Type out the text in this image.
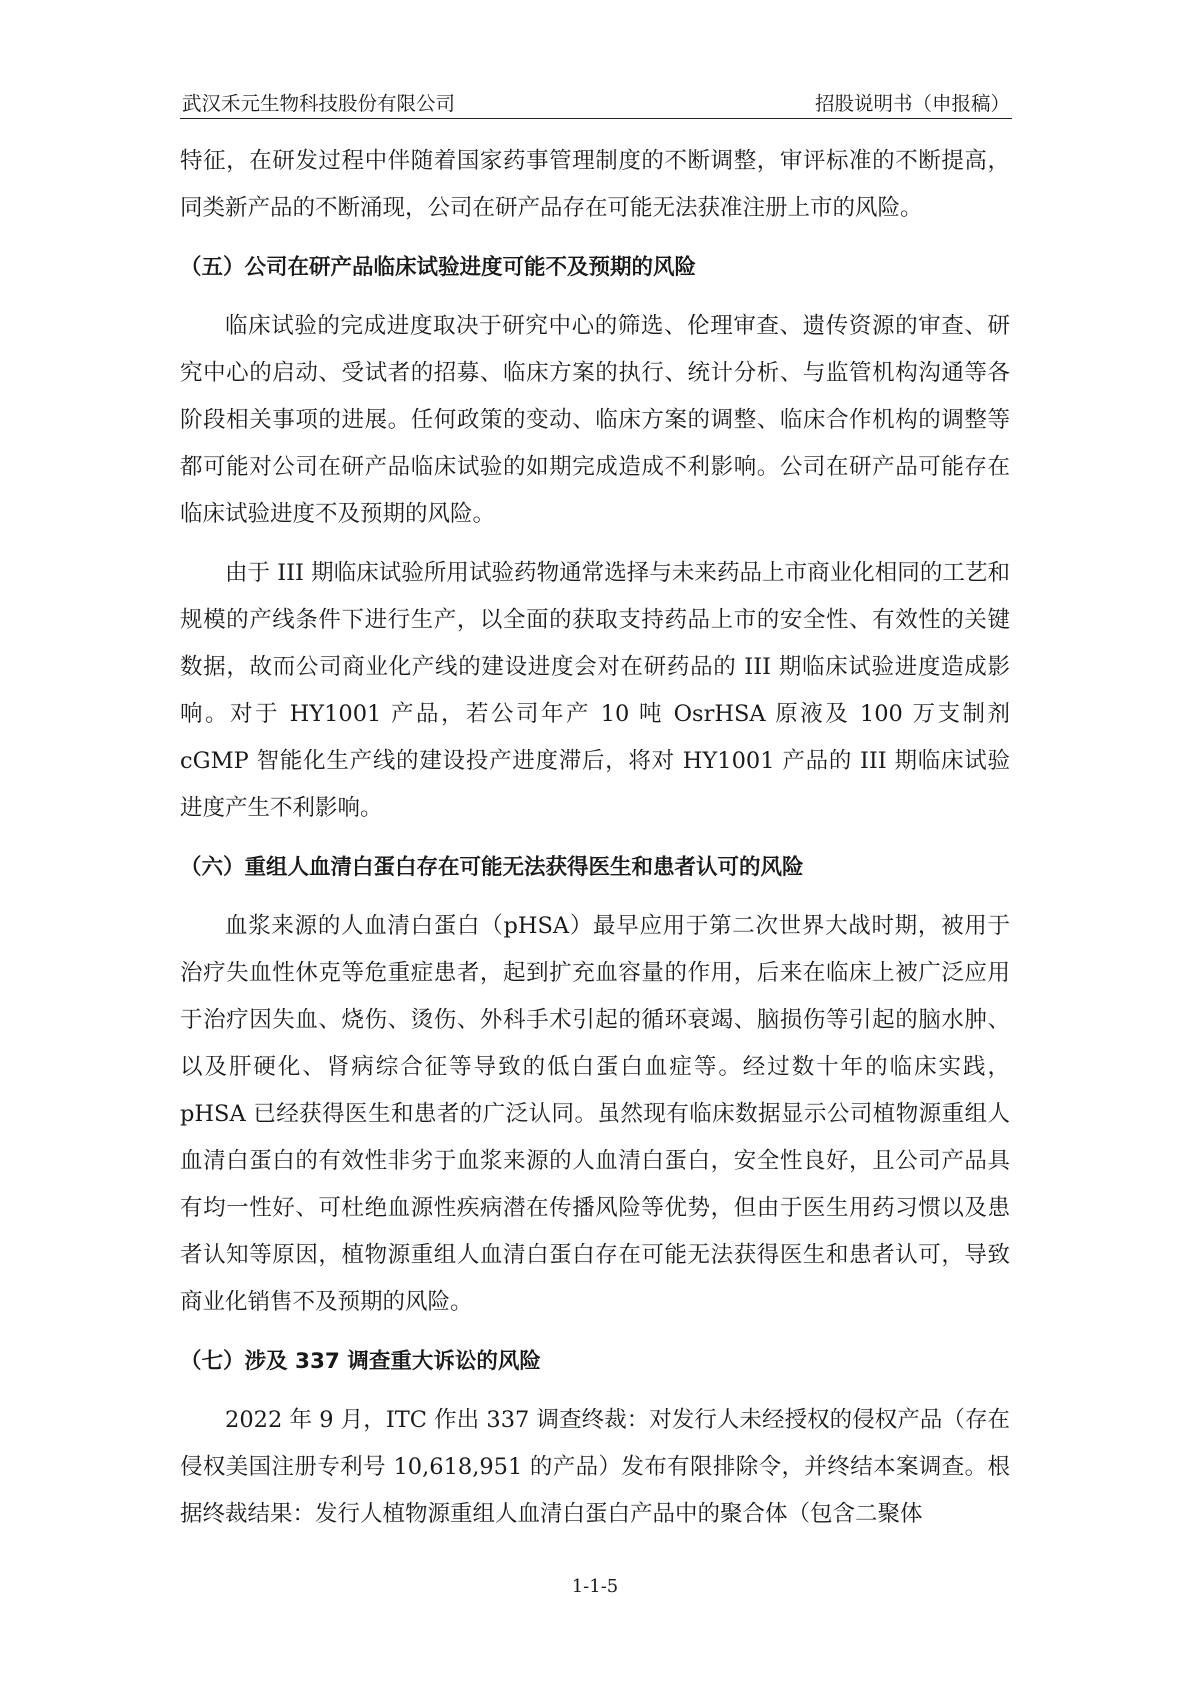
武汉禾元生物科技股份有限公司	招股说明书（申报稿）

特征，在研发过程中伴随着国家药事管理制度的不断调整，审评标准的不断提高，同类新产品的不断涌现，公司在研产品存在可能无法获准注册上市的风险。

（五）公司在研产品临床试验进度可能不及预期的风险

临床试验的完成进度取决于研究中心的筛选、伦理审查、遗传资源的审查、研究中心的启动、受试者的招募、临床方案的执行、统计分析、与监管机构沟通等各阶段相关事项的进展。任何政策的变动、临床方案的调整、临床合作机构的调整等都可能对公司在研产品临床试验的如期完成造成不利影响。公司在研产品可能存在临床试验进度不及预期的风险。

由于 III 期临床试验所用试验药物通常选择与未来药品上市商业化相同的工艺和规模的产线条件下进行生产，以全面的获取支持药品上市的安全性、有效性的关键数据，故而公司商业化产线的建设进度会对在研药品的 III 期临床试验进度造成影响。对于 HY1001 产品，若公司年产 10 吨 OsrHSA 原液及 100 万支制剂 cGMP 智能化生产线的建设投产进度滞后，将对 HY1001 产品的 III 期临床试验进度产生不利影响。

（六）重组人血清白蛋白存在可能无法获得医生和患者认可的风险

血浆来源的人血清白蛋白（pHSA）最早应用于第二次世界大战时期，被用于治疗失血性休克等危重症患者，起到扩充血容量的作用，后来在临床上被广泛应用于治疗因失血、烧伤、烫伤、外科手术引起的循环衰竭、脑损伤等引起的脑水肿、以及肝硬化、肾病综合征等导致的低白蛋白血症等。经过数十年的临床实践，pHSA 已经获得医生和患者的广泛认同。虽然现有临床数据显示公司植物源重组人血清白蛋白的有效性非劣于血浆来源的人血清白蛋白，安全性良好，且公司产品具有均一性好、可杜绝血源性疾病潜在传播风险等优势，但由于医生用药习惯以及患者认知等原因，植物源重组人血清白蛋白存在可能无法获得医生和患者认可，导致商业化销售不及预期的风险。

（七）涉及 337 调查重大诉讼的风险

2022 年 9 月，ITC 作出 337 调查终裁：对发行人未经授权的侵权产品（存在侵权美国注册专利号 10,618,951 的产品）发布有限排除令，并终结本案调查。根据终裁结果：发行人植物源重组人血清白蛋白产品中的聚合体（包含二聚体

1-1-5
